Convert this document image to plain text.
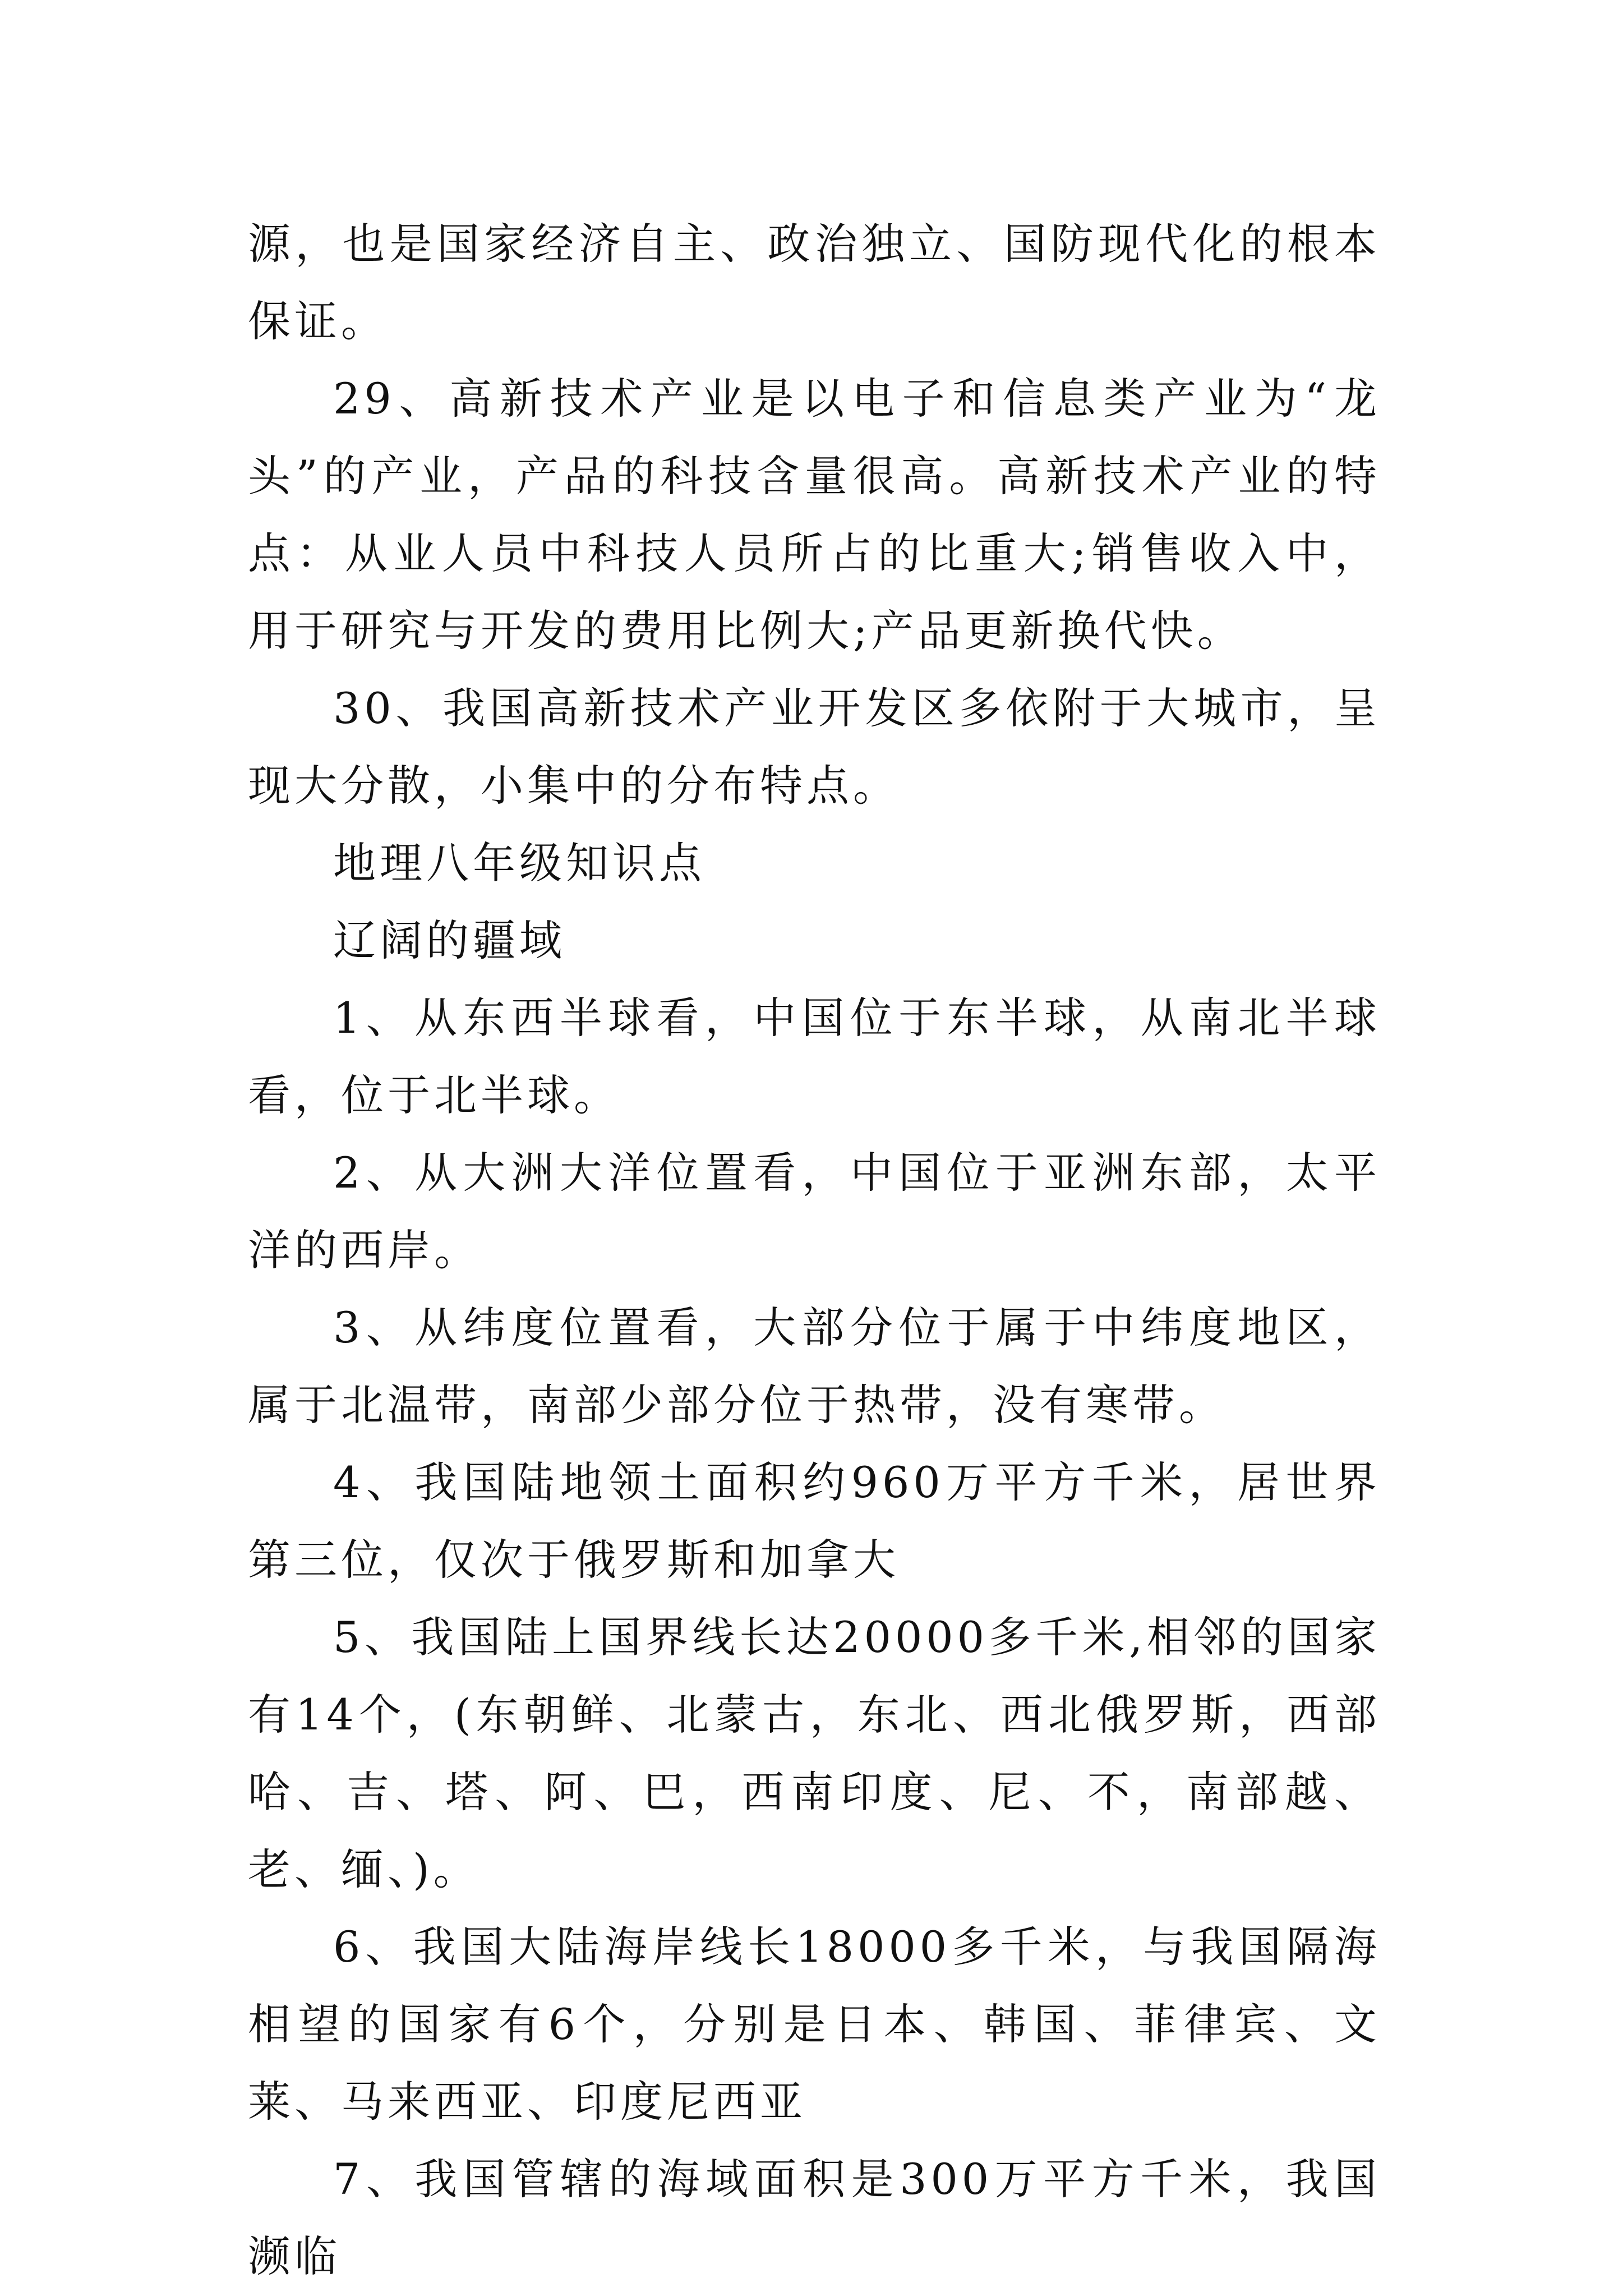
源，也是国家经济自主、政治独立、国防现代化的根本保证。

29、高新技术产业是以电子和信息类产业为“龙头”的产业，产品的科技含量很高。高新技术产业的特点：从业人员中科技人员所占的比重大;销售收入中，用于研究与开发的费用比例大;产品更新换代快。

30、我国高新技术产业开发区多依附于大城市，呈现大分散，小集中的分布特点。

地理八年级知识点

辽阔的疆域

1、从东西半球看，中国位于东半球，从南北半球看，位于北半球。

2、从大洲大洋位置看，中国位于亚洲东部，太平洋的西岸。

3、从纬度位置看，大部分位于属于中纬度地区，属于北温带，南部少部分位于热带，没有寒带。

4、我国陆地领土面积约960万平方千米，居世界第三位，仅次于俄罗斯和加拿大

5、我国陆上国界线长达20000多千米,相邻的国家有14个，(东朝鲜、北蒙古，东北、西北俄罗斯，西部哈、吉、塔、阿、巴，西南印度、尼、不，南部越、老、缅、)。

6、我国大陆海岸线长18000多千米，与我国隔海相望的国家有6个，分别是日本、韩国、菲律宾、文莱、马来西亚、印度尼西亚

7、我国管辖的海域面积是300万平方千米，我国濒临
